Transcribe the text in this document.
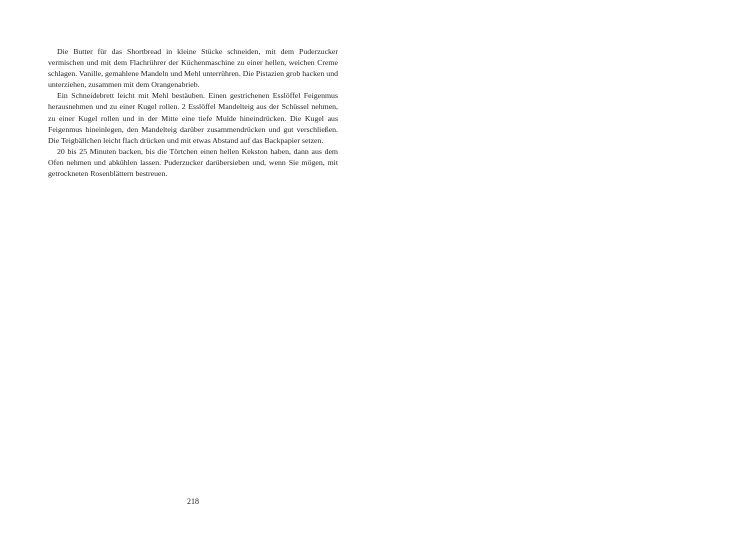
Die Butter für das Shortbread in kleine Stücke schneiden, mit dem Puderzucker vermischen und mit dem Flachrührer der Küchenmaschine zu einer hellen, weichen Creme schlagen. Vanille, gemahlene Mandeln und Mehl unterrühren. Die Pistazien grob hacken und unterziehen, zusammen mit dem Orangenabrieb.

Ein Schneidebrett leicht mit Mehl bestäuben. Einen gestrichenen Esslöffel Feigenmus herausnehmen und zu einer Kugel rollen. 2 Esslöffel Mandelteig aus der Schüssel nehmen, zu einer Kugel rollen und in der Mitte eine tiefe Mulde hineindrücken. Die Kugel aus Feigenmus hineinlegen, den Mandelteig darüber zusammendrücken und gut verschließen. Die Teigbällchen leicht flach drücken und mit etwas Abstand auf das Backpapier setzen.

20 bis 25 Minuten backen, bis die Törtchen einen hellen Kekston haben, dann aus dem Ofen nehmen und abkühlen lassen. Puderzucker darübersieben und, wenn Sie mögen, mit getrockneten Rosenblättern bestreuen.

218
